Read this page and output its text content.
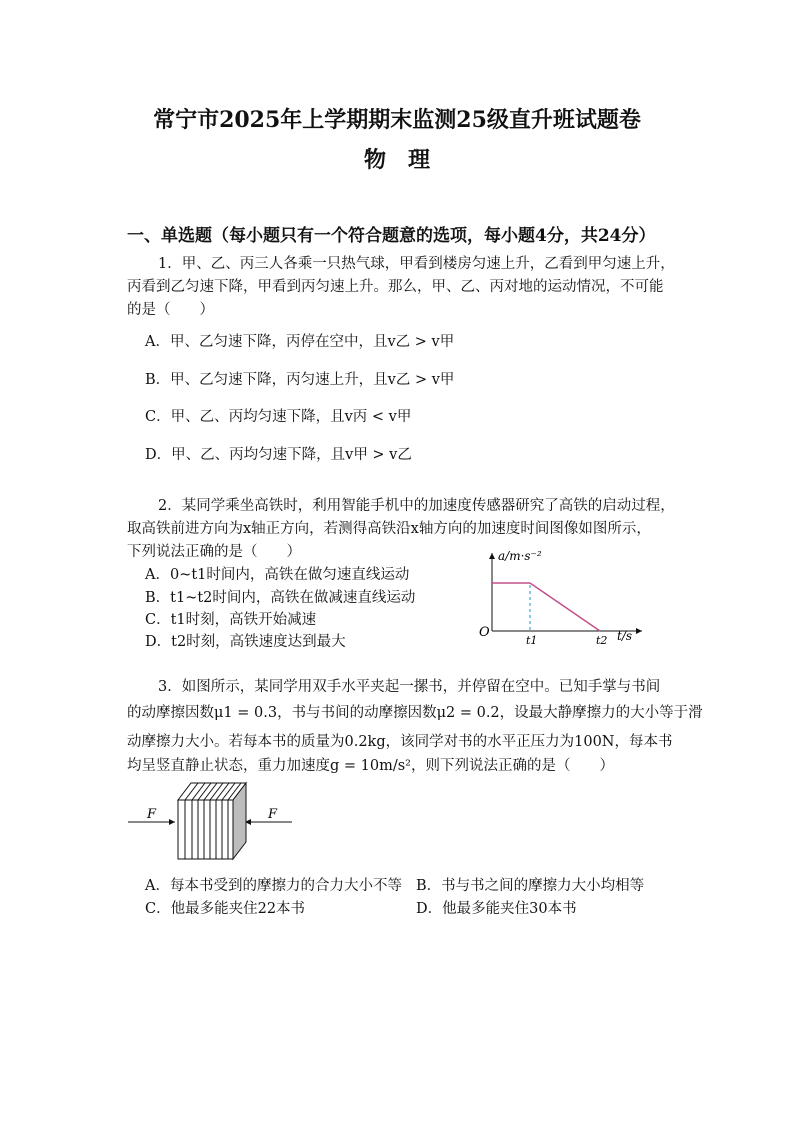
常宁市2025年上学期期末监测25级直升班试题卷
物　理
一、单选题（每小题只有一个符合题意的选项，每小题4分，共24分）
1．甲、乙、丙三人各乘一只热气球，甲看到楼房匀速上升，乙看到甲匀速上升，
丙看到乙匀速下降，甲看到丙匀速上升。那么，甲、乙、丙对地的运动情况，不可能
的是（　　）
A．甲、乙匀速下降，丙停在空中，且v乙 > v甲
B．甲、乙匀速下降，丙匀速上升，且v乙 > v甲
C．甲、乙、丙均匀速下降，且v丙 < v甲
D．甲、乙、丙均匀速下降，且v甲 > v乙
2．某同学乘坐高铁时，利用智能手机中的加速度传感器研究了高铁的启动过程，
取高铁前进方向为x轴正方向，若测得高铁沿x轴方向的加速度时间图像如图所示，
下列说法正确的是（　　）
A．0~t1时间内，高铁在做匀速直线运动
B．t1~t2时间内，高铁在做减速直线运动
C．t1时刻，高铁开始减速
D．t2时刻，高铁速度达到最大
a/m·s⁻²
O
t1	t2 t/s
3．如图所示，某同学用双手水平夹起一摞书，并停留在空中。已知手掌与书间
的动摩擦因数μ1 = 0.3，书与书间的动摩擦因数μ2 = 0.2，设最大静摩擦力的大小等于滑
动摩擦力大小。若每本书的质量为0.2kg，该同学对书的水平正压力为100N，每本书
均呈竖直静止状态，重力加速度g = 10m/s²，则下列说法正确的是（　　）
F	F
A．每本书受到的摩擦力的合力大小不等 B．书与书之间的摩擦力大小均相等
C．他最多能夹住22本书	D．他最多能夹住30本书
